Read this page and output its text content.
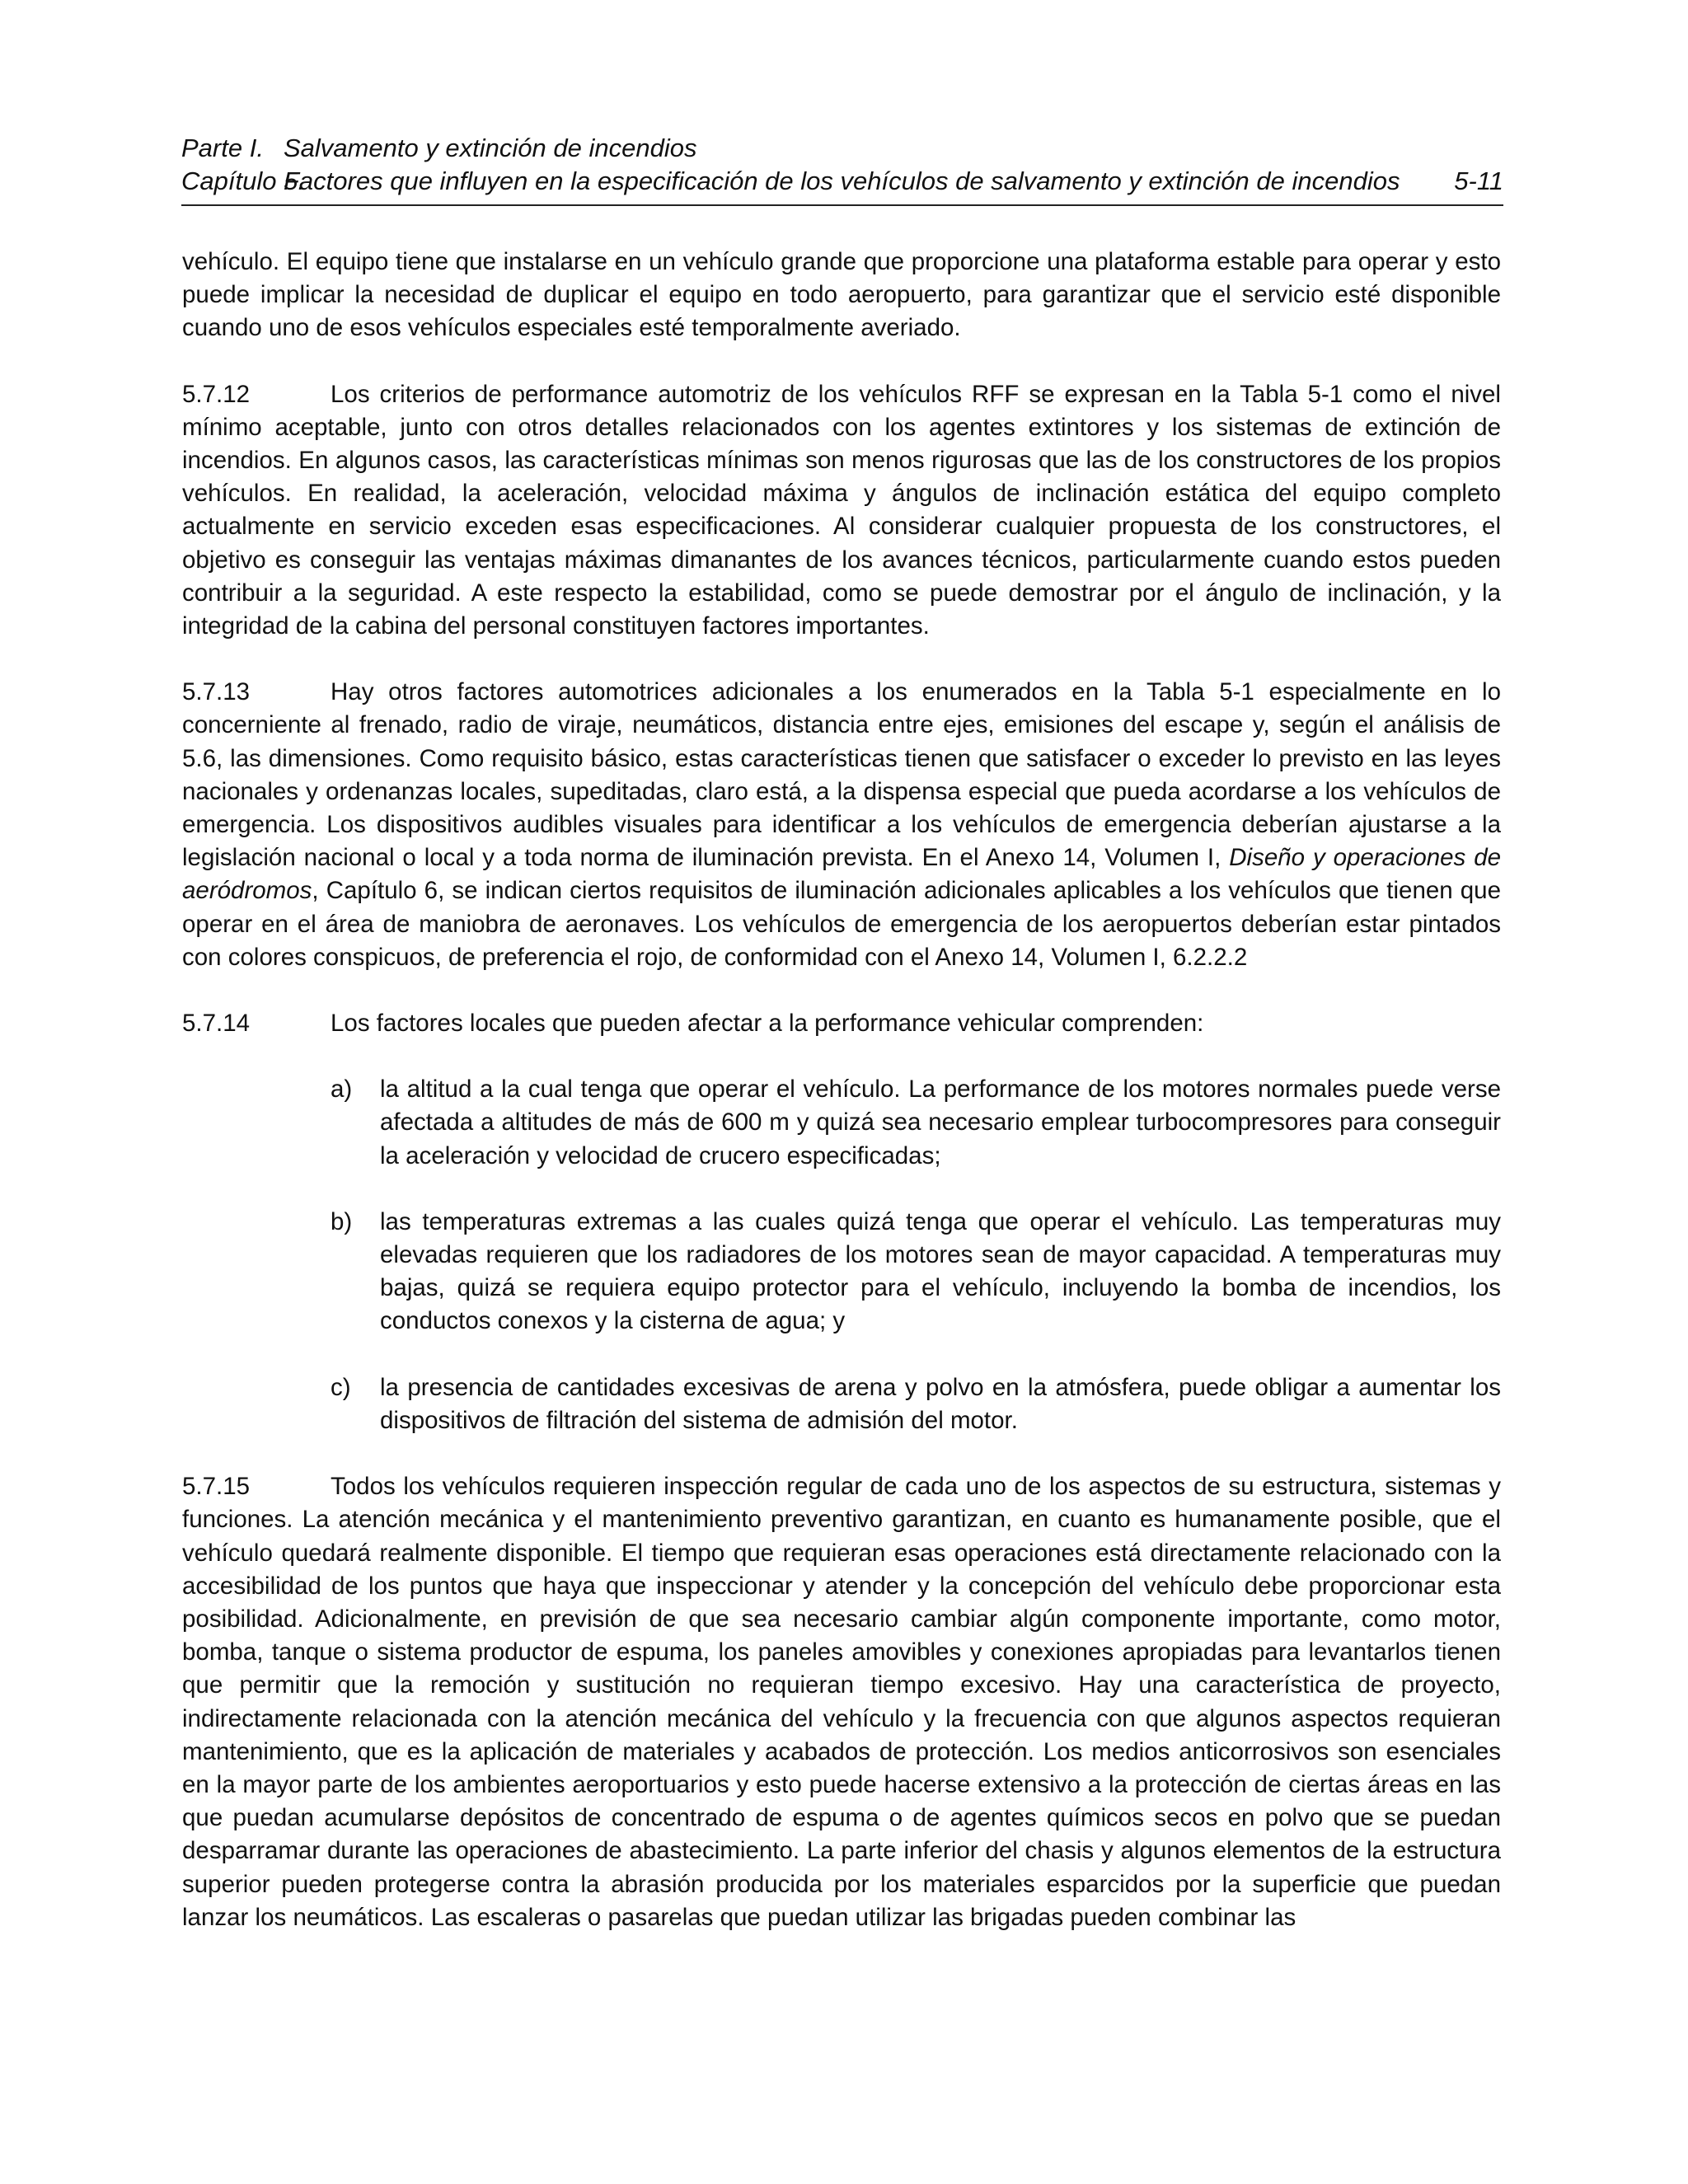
Parte I. Salvamento y extinción de incendios
Capítulo 5.
Factores que influyen en la especificación de los vehículos de salvamento y extinción de incendios	5-11

vehículo. El equipo tiene que instalarse en un vehículo grande que proporcione una plataforma estable para operar y esto puede implicar la necesidad de duplicar el equipo en todo aeropuerto, para garantizar que el servicio esté disponible cuando uno de esos vehículos especiales esté temporalmente averiado.

5.7.12	Los criterios de performance automotriz de los vehículos RFF se expresan en la Tabla 5-1 como el nivel mínimo aceptable, junto con otros detalles relacionados con los agentes extintores y los sistemas de extinción de incendios. En algunos casos, las características mínimas son menos rigurosas que las de los constructores de los propios vehículos. En realidad, la aceleración, velocidad máxima y ángulos de inclinación estática del equipo completo actualmente en servicio exceden esas especificaciones. Al considerar cualquier propuesta de los constructores, el objetivo es conseguir las ventajas máximas dimanantes de los avances técnicos, particularmente cuando estos pueden contribuir a la seguridad. A este respecto la estabilidad, como se puede demostrar por el ángulo de inclinación, y la integridad de la cabina del personal constituyen factores importantes.

5.7.13	Hay otros factores automotrices adicionales a los enumerados en la Tabla 5-1 especialmente en lo concerniente al frenado, radio de viraje, neumáticos, distancia entre ejes, emisiones del escape y, según el análisis de 5.6, las dimensiones. Como requisito básico, estas características tienen que satisfacer o exceder lo previsto en las leyes nacionales y ordenanzas locales, supeditadas, claro está, a la dispensa especial que pueda acordarse a los vehículos de emergencia. Los dispositivos audibles visuales para identificar a los vehículos de emergencia deberían ajustarse a la legislación nacional o local y a toda norma de iluminación prevista. En el Anexo 14, Volumen I, Diseño y operaciones de aeródromos, Capítulo 6, se indican ciertos requisitos de iluminación adicionales aplicables a los vehículos que tienen que operar en el área de maniobra de aeronaves. Los vehículos de emergencia de los aeropuertos deberían estar pintados con colores conspicuos, de preferencia el rojo, de conformidad con el Anexo 14, Volumen I, 6.2.2.2

5.7.14	Los factores locales que pueden afectar a la performance vehicular comprenden:

a)	la altitud a la cual tenga que operar el vehículo. La performance de los motores normales puede verse afectada a altitudes de más de 600 m y quizá sea necesario emplear turbocompresores para conseguir la aceleración y velocidad de crucero especificadas;
b)	las temperaturas extremas a las cuales quizá tenga que operar el vehículo. Las temperaturas muy elevadas requieren que los radiadores de los motores sean de mayor capacidad. A temperaturas muy bajas, quizá se requiera equipo protector para el vehículo, incluyendo la bomba de incendios, los conductos conexos y la cisterna de agua; y
c)	la presencia de cantidades excesivas de arena y polvo en la atmósfera, puede obligar a aumentar los dispositivos de filtración del sistema de admisión del motor.

5.7.15	Todos los vehículos requieren inspección regular de cada uno de los aspectos de su estructura, sistemas y funciones. La atención mecánica y el mantenimiento preventivo garantizan, en cuanto es humanamente posible, que el vehículo quedará realmente disponible. El tiempo que requieran esas operaciones está directamente relacionado con la accesibilidad de los puntos que haya que inspeccionar y atender y la concepción del vehículo debe proporcionar esta posibilidad. Adicionalmente, en previsión de que sea necesario cambiar algún componente importante, como motor, bomba, tanque o sistema productor de espuma, los paneles amovibles y conexiones apropiadas para levantarlos tienen que permitir que la remoción y sustitución no requieran tiempo excesivo. Hay una característica de proyecto, indirectamente relacionada con la atención mecánica del vehículo y la frecuencia con que algunos aspectos requieran mantenimiento, que es la aplicación de materiales y acabados de protección. Los medios anticorrosivos son esenciales en la mayor parte de los ambientes aeroportuarios y esto puede hacerse extensivo a la protección de ciertas áreas en las que puedan acumularse depósitos de concentrado de espuma o de agentes químicos secos en polvo que se puedan desparramar durante las operaciones de abastecimiento. La parte inferior del chasis y algunos elementos de la estructura superior pueden protegerse contra la abrasión producida por los materiales esparcidos por la superficie que puedan lanzar los neumáticos. Las escaleras o pasarelas que puedan utilizar las brigadas pueden combinar las
